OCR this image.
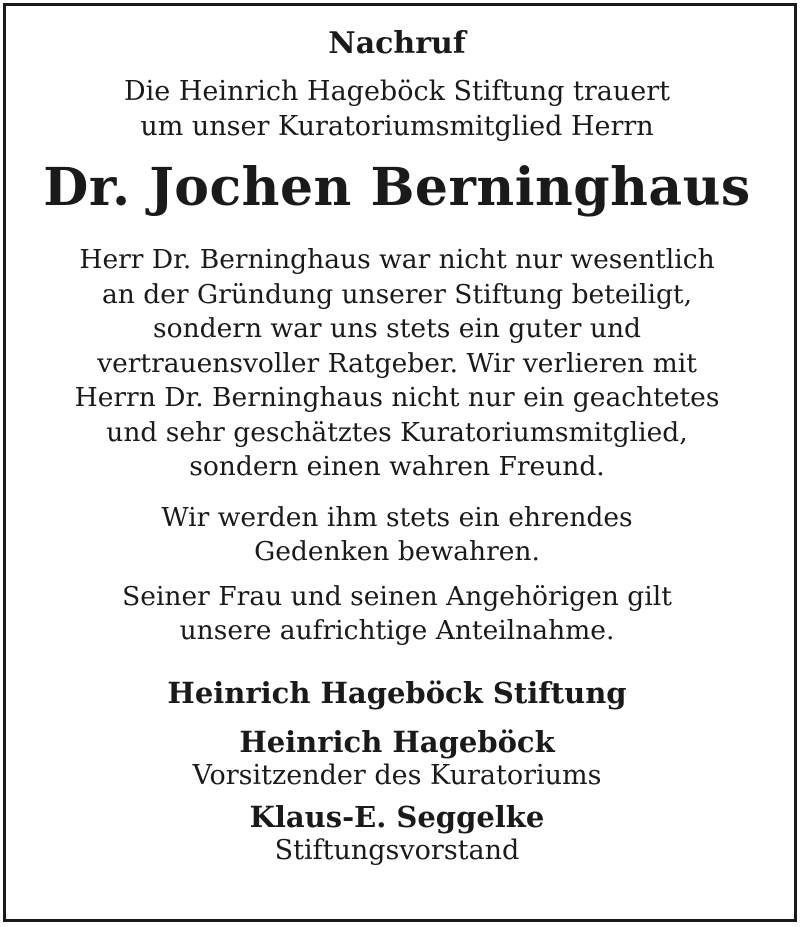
Nachruf
Die Heinrich Hageböck Stiftung trauert
um unser Kuratoriumsmitglied Herrn
Dr. Jochen Berninghaus
Herr Dr. Berninghaus war nicht nur wesentlich
an der Gründung unserer Stiftung beteiligt,
sondern war uns stets ein guter und
vertrauensvoller Ratgeber. Wir verlieren mit
Herrn Dr. Berninghaus nicht nur ein geachtetes
und sehr geschätztes Kuratoriumsmitglied,
sondern einen wahren Freund.
Wir werden ihm stets ein ehrendes
Gedenken bewahren.
Seiner Frau und seinen Angehörigen gilt
unsere aufrichtige Anteilnahme.
Heinrich Hageböck Stiftung
Heinrich Hageböck
Vorsitzender des Kuratoriums
Klaus-E. Seggelke
Stiftungsvorstand
